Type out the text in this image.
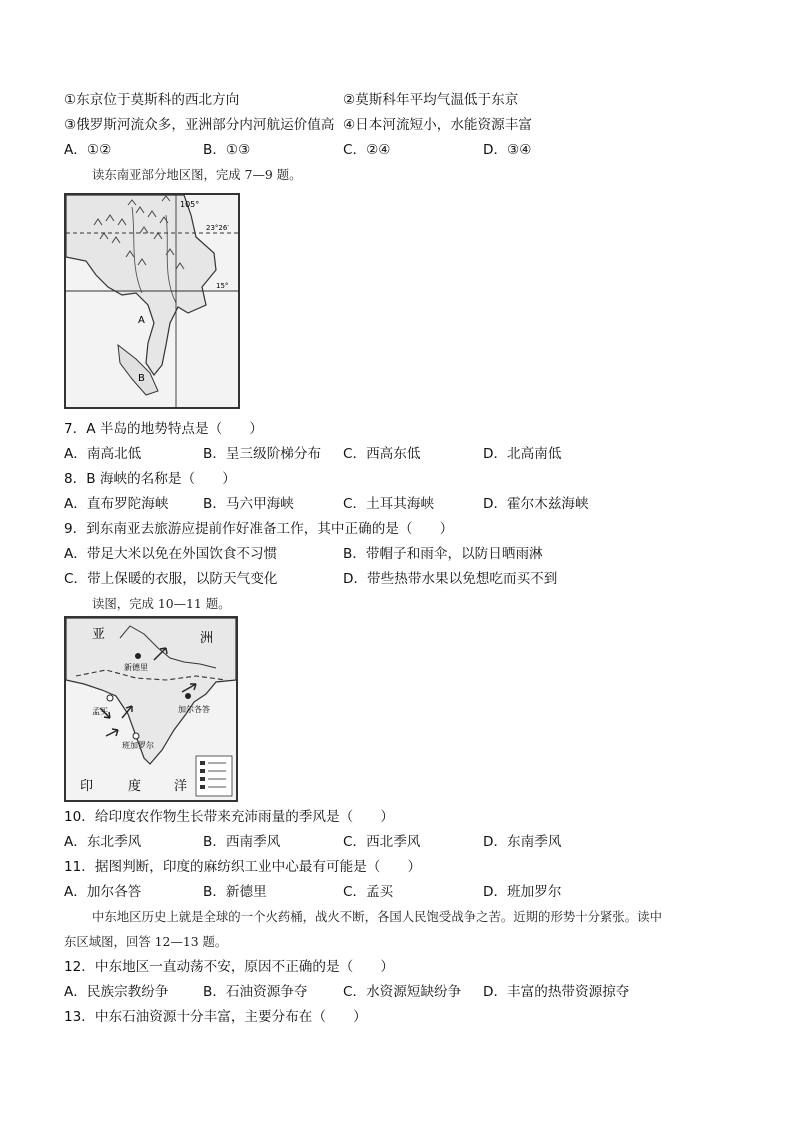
①东京位于莫斯科的西北方向	②莫斯科年平均气温低于东京
③俄罗斯河流众多，亚洲部分内河航运价值高 ④日本河流短小，水能资源丰富
A．①②	B．①③	C．②④	D．③④
读东南亚部分地区图，完成 7—9 题。
105°
23°26′
15°
A
B
7．A 半岛的地势特点是（　　）
A．南高北低	B．呈三级阶梯分布 C．西高东低	D．北高南低
8．B 海峡的名称是（　　）
A．直布罗陀海峡	B．马六甲海峡	C．土耳其海峡	D．霍尔木兹海峡
9．到东南亚去旅游应提前作好准备工作，其中正确的是（　　）
A．带足大米以免在外国饮食不习惯	B．带帽子和雨伞，以防日晒雨淋
C．带上保暖的衣服，以防天气变化	D．带些热带水果以免想吃而买不到
读图，完成 10—11 题。
亚	洲
新德里
孟买	加尔各答
班加罗尔
印	度	洋
10．给印度农作物生长带来充沛雨量的季风是（　　）
A．东北季风	B．西南季风	C．西北季风	D．东南季风
11．据图判断，印度的麻纺织工业中心最有可能是（　　）
A．加尔各答	B．新德里	C．孟买	D．班加罗尔
中东地区历史上就是全球的一个火药桶，战火不断，各国人民饱受战争之苦。近期的形势十分紧张。读中
东区域图，回答 12—13 题。
12．中东地区一直动荡不安，原因不正确的是（　　）
A．民族宗教纷争	B．石油资源争夺	C．水资源短缺纷争 D．丰富的热带资源掠夺
13．中东石油资源十分丰富，主要分布在（　　）
